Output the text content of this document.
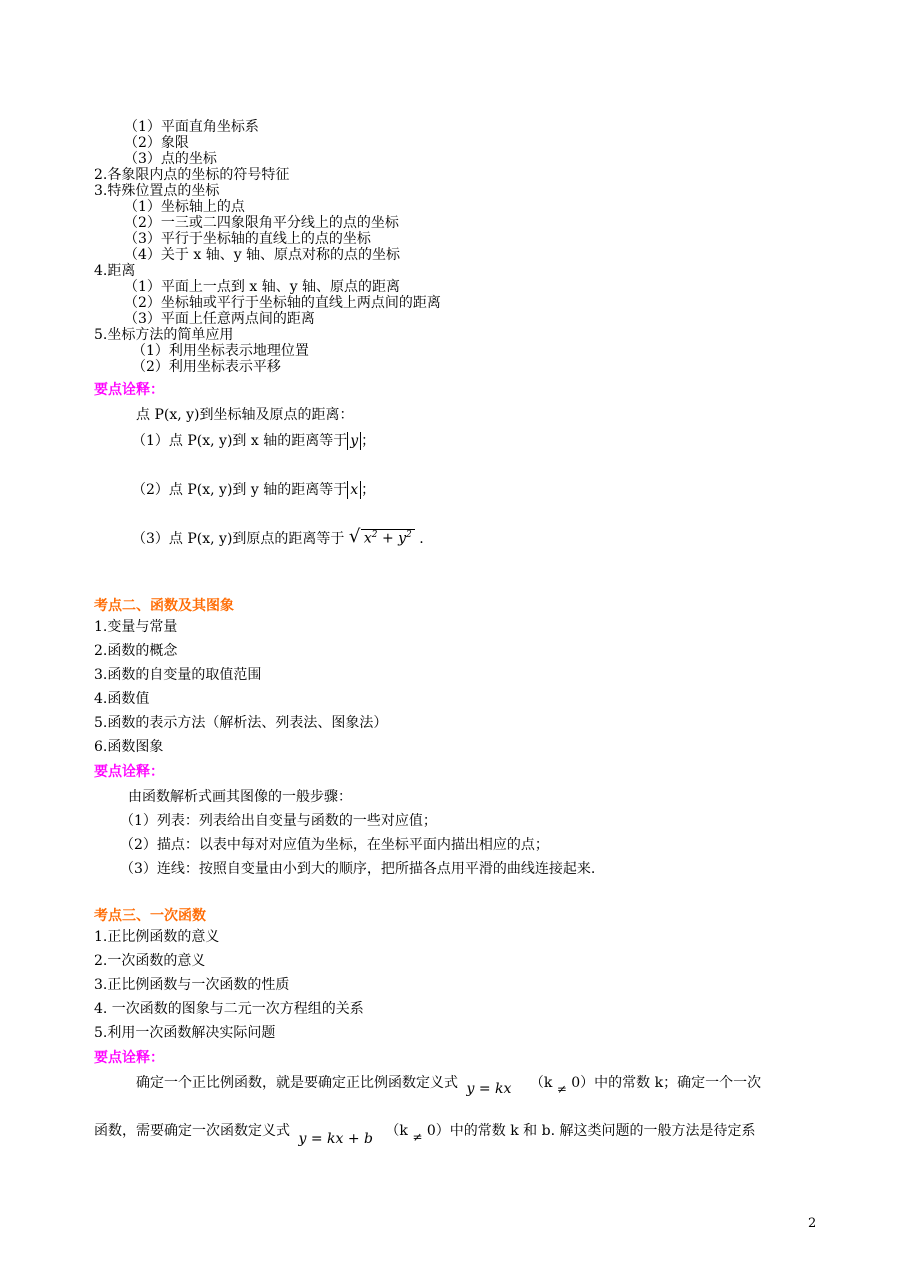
（1）平面直角坐标系
（2）象限
（3）点的坐标
2.各象限内点的坐标的符号特征
3.特殊位置点的坐标
（1）坐标轴上的点
（2）一三或二四象限角平分线上的点的坐标
（3）平行于坐标轴的直线上的点的坐标
（4）关于 x 轴、y 轴、原点对称的点的坐标
4.距离
（1）平面上一点到 x 轴、y 轴、原点的距离
（2）坐标轴或平行于坐标轴的直线上两点间的距离
（3）平面上任意两点间的距离
5.坐标方法的简单应用
（1）利用坐标表示地理位置
（2）利用坐标表示平移
要点诠释：
点 P(x, y)到坐标轴及原点的距离：
（1）点 P(x, y)到 x 轴的距离等于 y ；
（2）点 P(x, y)到 y 轴的距离等于 x ；
（3）点 P(x, y)到原点的距离等于 √ $x^2 + y^2$ .
考点二、函数及其图象
1.变量与常量
2.函数的概念
3.函数的自变量的取值范围
4.函数值
5.函数的表示方法（解析法、列表法、图象法）
6.函数图象
要点诠释：
由函数解析式画其图像的一般步骤：
（1）列表：列表给出自变量与函数的一些对应值；
（2）描点：以表中每对对应值为坐标，在坐标平面内描出相应的点；
（3）连线：按照自变量由小到大的顺序，把所描各点用平滑的曲线连接起来.
考点三、一次函数
1.正比例函数的意义
2.一次函数的意义
3.正比例函数与一次函数的性质
4. 一次函数的图象与二元一次方程组的关系
5.利用一次函数解决实际问题
要点诠释：
确定一个正比例函数，就是要确定正比例函数定义式 y = kx （k ≠ 0）中的常数 k；确定一个一次
函数，需要确定一次函数定义式 y = kx + b （k ≠ 0）中的常数 k 和 b. 解这类问题的一般方法是待定系
2
